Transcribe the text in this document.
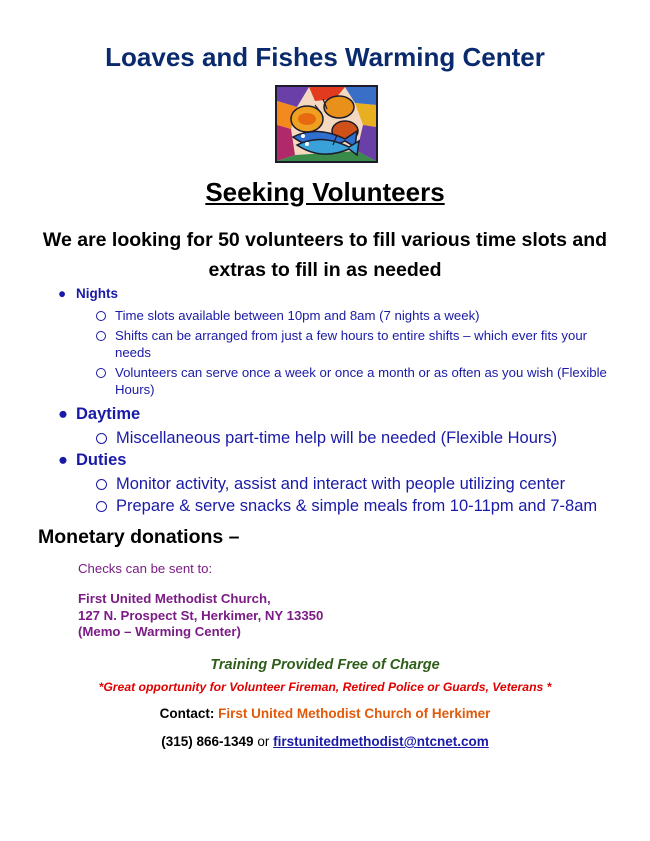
Loaves and Fishes Warming Center
Seeking Volunteers
We are looking for 50 volunteers to fill various time slots and extras to fill in as needed
● Nights
Time slots available between 10pm and 8am (7 nights a week)
Shifts can be arranged from just a few hours to entire shifts – which ever fits your needs
Volunteers can serve once a week or once a month or as often as you wish (Flexible Hours)
● Daytime
Miscellaneous part-time help will be needed (Flexible Hours)
● Duties
Monitor activity, assist and interact with people utilizing center
Prepare & serve snacks & simple meals from 10-11pm and 7-8am
Monetary donations –
Checks can be sent to:
First United Methodist Church,
127 N. Prospect St, Herkimer, NY 13350
(Memo – Warming Center)
Training Provided Free of Charge
*Great opportunity for Volunteer Fireman, Retired Police or Guards, Veterans *
Contact: First United Methodist Church of Herkimer
(315) 866-1349 or firstunitedmethodist@ntcnet.com
